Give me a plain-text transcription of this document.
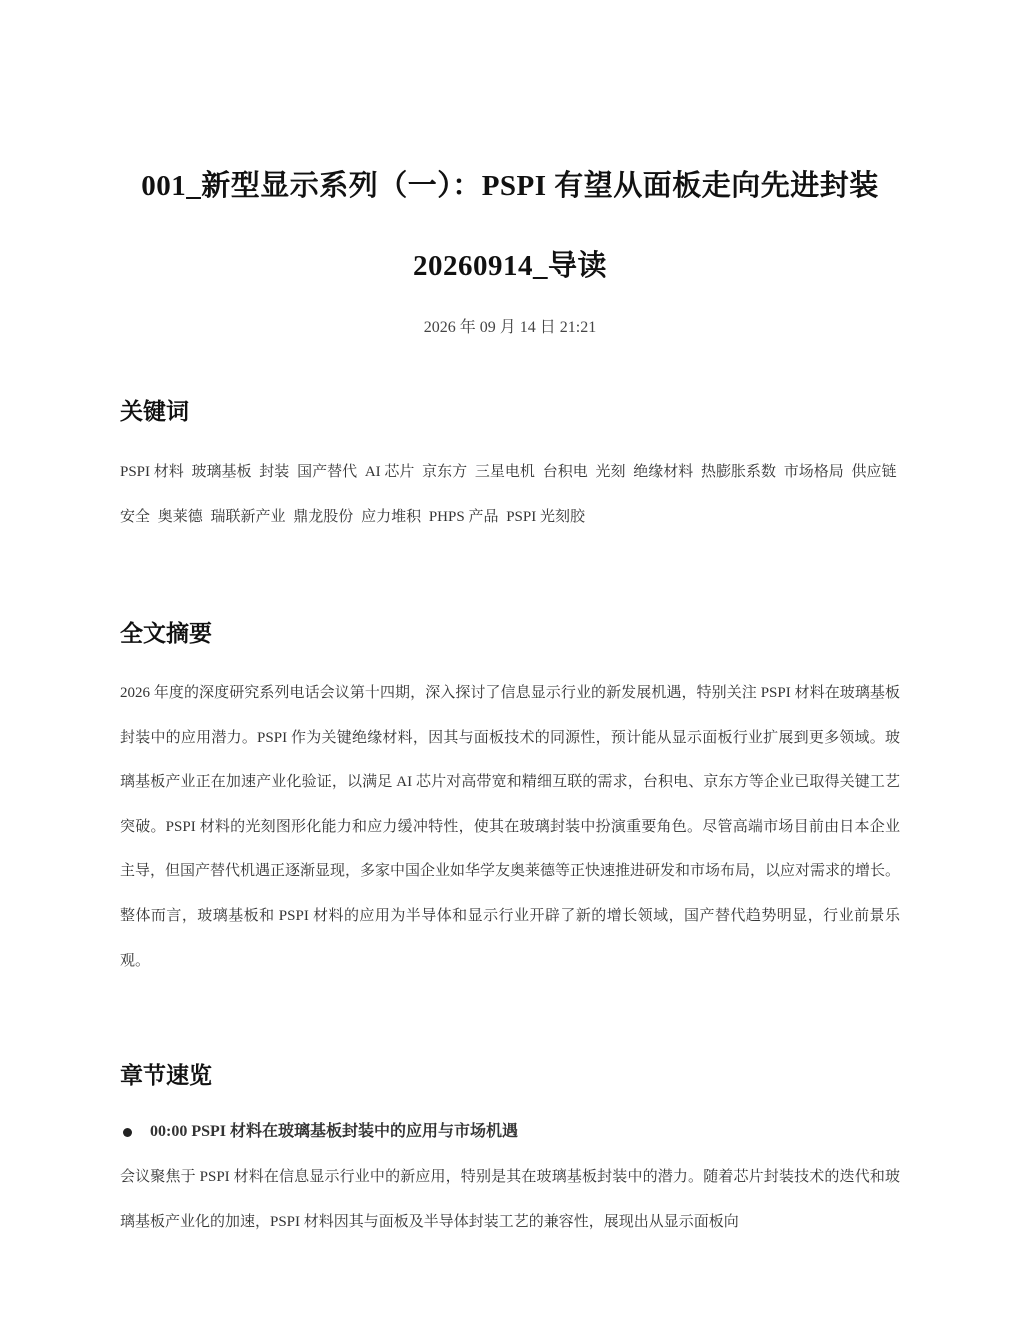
001_新型显示系列（一）：PSPI 有望从面板走向先进封装
20260914_导读
2026 年 09 月 14 日 21:21
关键词
PSPI 材料 玻璃基板 封装 国产替代 AI 芯片 京东方 三星电机 台积电 光刻 绝缘材料 热膨胀系数 市场格局 供应链安全 奥莱德 瑞联新产业 鼎龙股份 应力堆积 PHPS 产品 PSPI 光刻胶
全文摘要

2026 年度的深度研究系列电话会议第十四期，深入探讨了信息显示行业的新发展机遇，特别关注 PSPI 材料在玻璃基板封装中的应用潜力。PSPI 作为关键绝缘材料，因其与面板技术的同源性，预计能从显示面板行业扩展到更多领域。玻璃基板产业正在加速产业化验证，以满足 AI 芯片对高带宽和精细互联的需求，台积电、京东方等企业已取得关键工艺突破。PSPI 材料的光刻图形化能力和应力缓冲特性，使其在玻璃封装中扮演重要角色。尽管高端市场目前由日本企业主导，但国产替代机遇正逐渐显现，多家中国企业如华学友奥莱德等正快速推进研发和市场布局，以应对需求的增长。整体而言，玻璃基板和 PSPI 材料的应用为半导体和显示行业开辟了新的增长领域，国产替代趋势明显，行业前景乐观。

章节速览
00:00 PSPI 材料在玻璃基板封装中的应用与市场机遇

会议聚焦于 PSPI 材料在信息显示行业中的新应用，特别是其在玻璃基板封装中的潜力。随着芯片封装技术的迭代和玻璃基板产业化的加速，PSPI 材料因其与面板及半导体封装工艺的兼容性，展现出从显示面板向
